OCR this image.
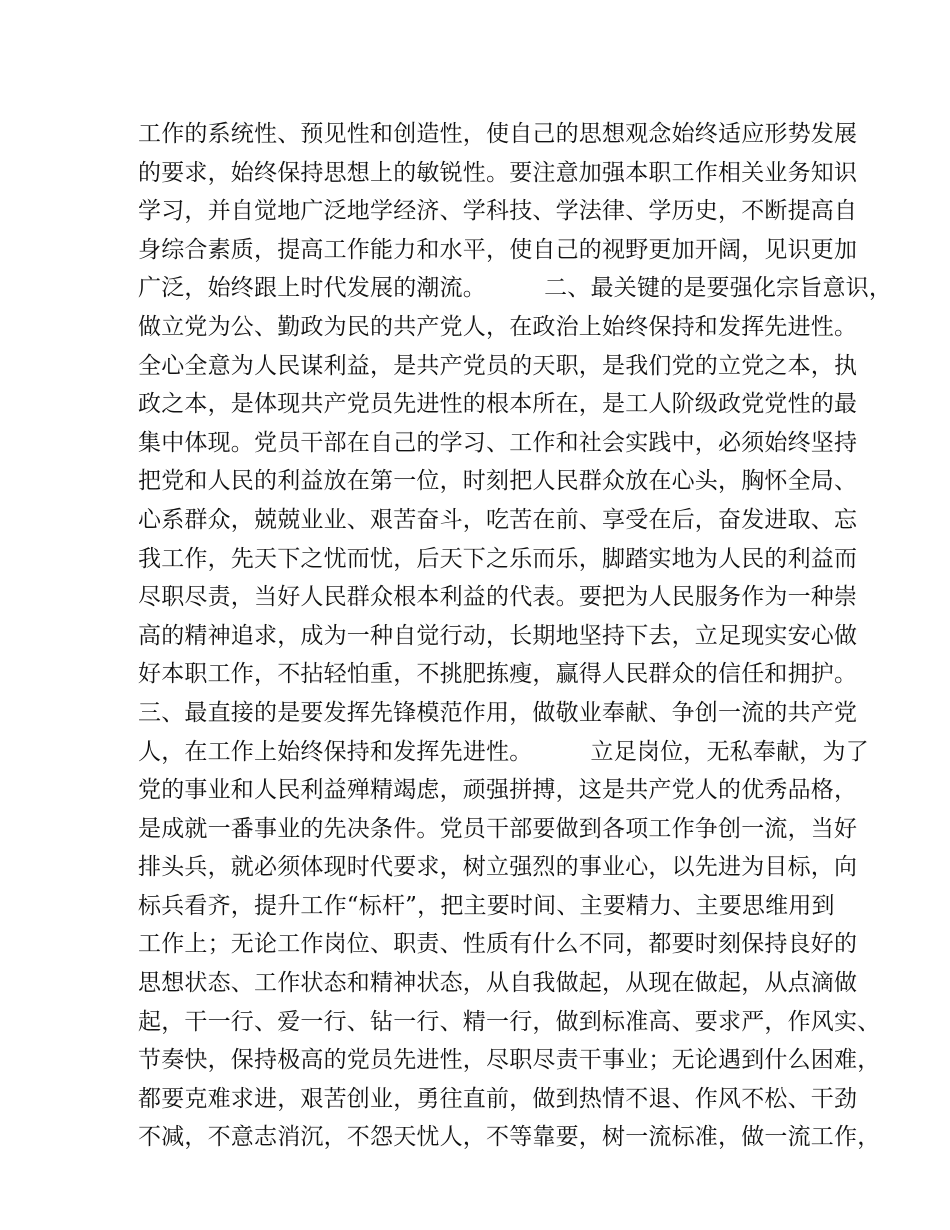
工作的系统性、预见性和创造性，使自己的思想观念始终适应形势发展
的要求，始终保持思想上的敏锐性。要注意加强本职工作相关业务知识
学习，并自觉地广泛地学经济、学科技、学法律、学历史，不断提高自
身综合素质，提高工作能力和水平，使自己的视野更加开阔，见识更加
广泛，始终跟上时代发展的潮流。　　　二、最关键的是要强化宗旨意识，
做立党为公、勤政为民的共产党人，在政治上始终保持和发挥先进性。
全心全意为人民谋利益，是共产党员的天职，是我们党的立党之本，执
政之本，是体现共产党员先进性的根本所在，是工人阶级政党党性的最
集中体现。党员干部在自己的学习、工作和社会实践中，必须始终坚持
把党和人民的利益放在第一位，时刻把人民群众放在心头，胸怀全局、
心系群众，兢兢业业、艰苦奋斗，吃苦在前、享受在后，奋发进取、忘
我工作，先天下之忧而忧，后天下之乐而乐，脚踏实地为人民的利益而
尽职尽责，当好人民群众根本利益的代表。要把为人民服务作为一种崇
高的精神追求，成为一种自觉行动，长期地坚持下去，立足现实安心做
好本职工作，不拈轻怕重，不挑肥拣瘦，赢得人民群众的信任和拥护。
三、最直接的是要发挥先锋模范作用，做敬业奉献、争创一流的共产党
人，在工作上始终保持和发挥先进性。　　　立足岗位，无私奉献，为了
党的事业和人民利益殚精竭虑，顽强拼搏，这是共产党人的优秀品格，
是成就一番事业的先决条件。党员干部要做到各项工作争创一流，当好
排头兵，就必须体现时代要求，树立强烈的事业心，以先进为目标，向
标兵看齐，提升工作“标杆”，把主要时间、主要精力、主要思维用到
工作上；无论工作岗位、职责、性质有什么不同，都要时刻保持良好的
思想状态、工作状态和精神状态，从自我做起，从现在做起，从点滴做
起，干一行、爱一行、钻一行、精一行，做到标准高、要求严，作风实、
节奏快，保持极高的党员先进性，尽职尽责干事业；无论遇到什么困难，
都要克难求进，艰苦创业，勇往直前，做到热情不退、作风不松、干劲
不减，不意志消沉，不怨天忧人，不等靠要，树一流标准，做一流工作，
